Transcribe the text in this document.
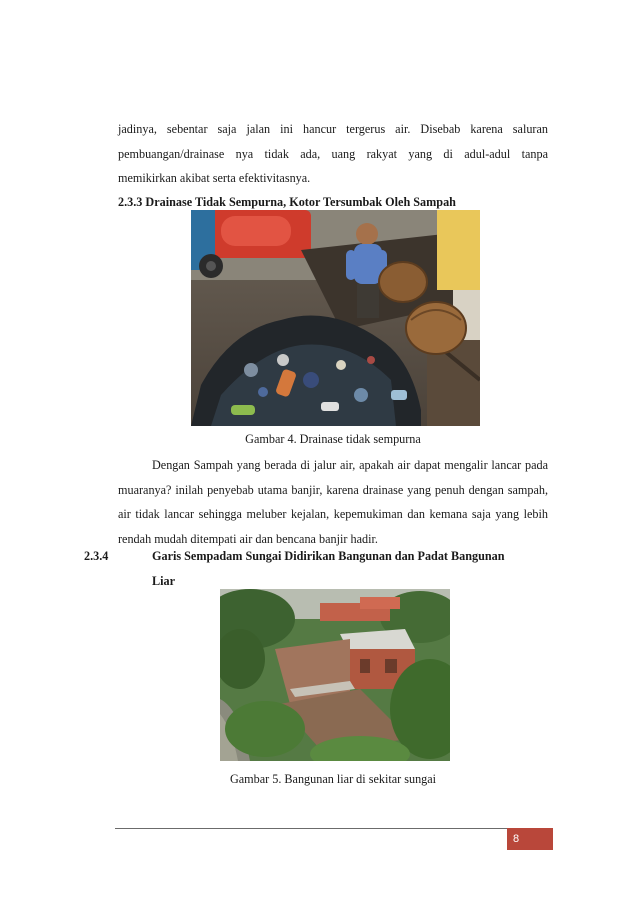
jadinya, sebentar saja jalan ini hancur tergerus air. Disebab karena saluran
pembuangan/drainase nya tidak ada, uang rakyat yang di adul-adul tanpa
memikirkan akibat serta efektivitasnya.
2.3.3 Drainase Tidak Sempurna, Kotor Tersumbak Oleh Sampah

Gambar 4. Drainase tidak sempurna

Dengan Sampah yang berada di jalur air, apakah air dapat mengalir lancar pada muaranya? inilah penyebab utama banjir, karena drainase yang penuh dengan sampah, air tidak lancar sehingga meluber kejalan, kepemukiman dan kemana saja yang lebih rendah mudah ditempati air dan bencana banjir hadir.

2.3.4	Garis Sempadam Sungai Didirikan Bangunan dan Padat Bangunan
Liar

Gambar 5. Bangunan liar di sekitar sungai

8
